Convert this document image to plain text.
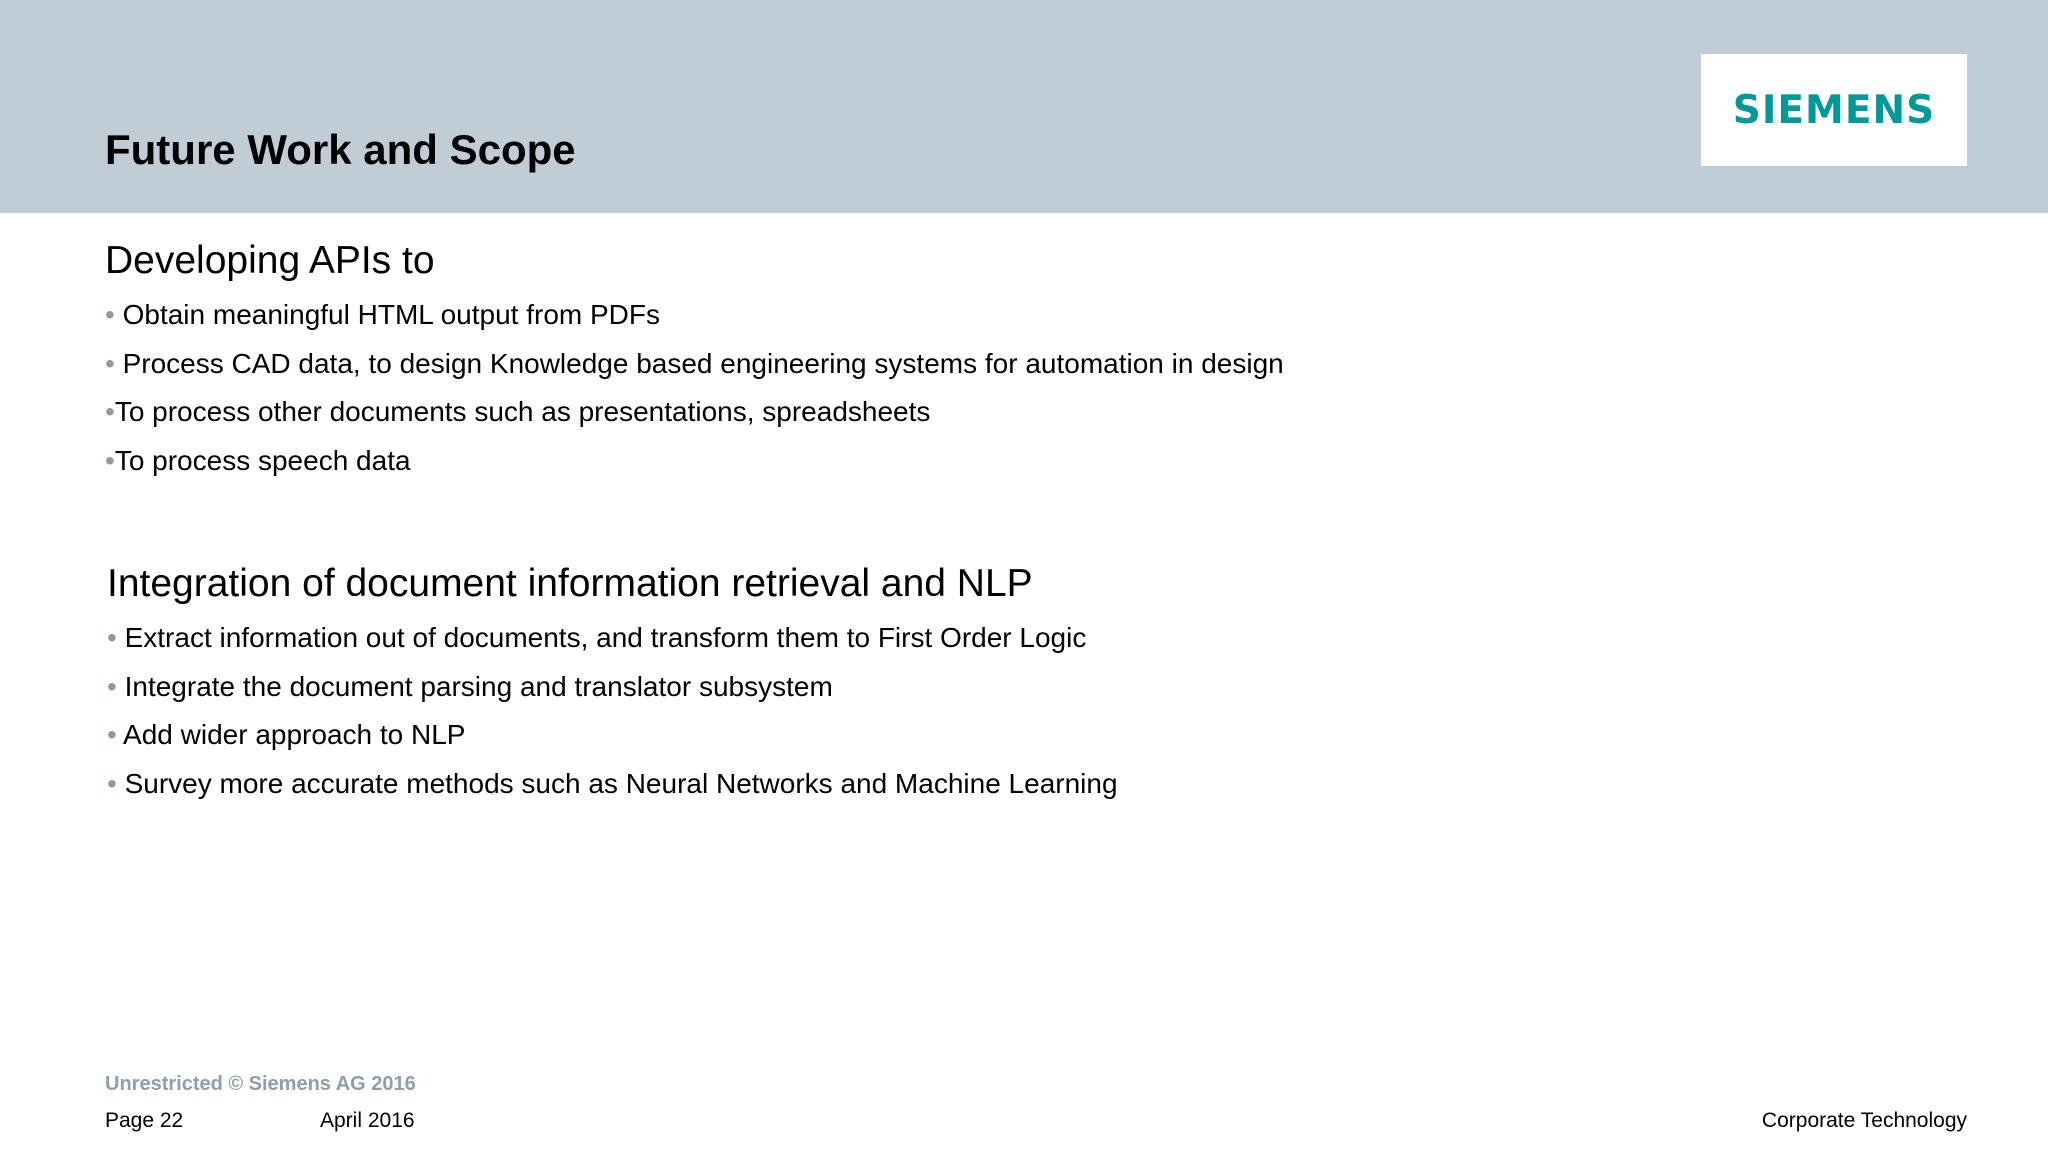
Future Work and Scope
SIEMENS
Developing APIs to
• Obtain meaningful HTML output from PDFs
• Process CAD data, to design Knowledge based engineering systems for automation in design
•To process other documents such as presentations, spreadsheets
•To process speech data
Integration of document information retrieval and NLP
• Extract information out of documents, and transform them to First Order Logic
• Integrate the document parsing and translator subsystem
• Add wider approach to NLP
• Survey more accurate methods such as Neural Networks and Machine Learning
Unrestricted © Siemens AG 2016
Page 22	April 2016	Corporate Technology
